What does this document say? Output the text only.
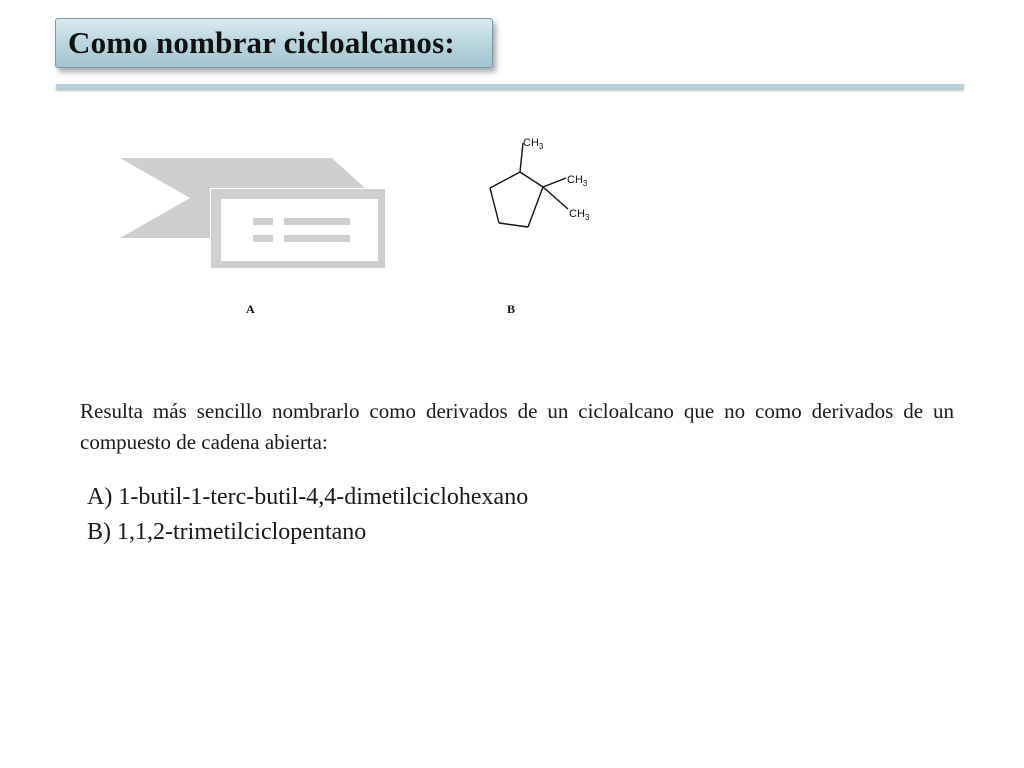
Como nombrar cicloalcanos:
$CH_3$
$CH_3$
$CH_3$
A	B

Resulta más sencillo nombrarlo como derivados de un cicloalcano que no como derivados de un compuesto de cadena abierta:

A) 1-butil-1-terc-butil-4,4-dimetilciclohexano
B) 1,1,2-trimetilciclopentano
